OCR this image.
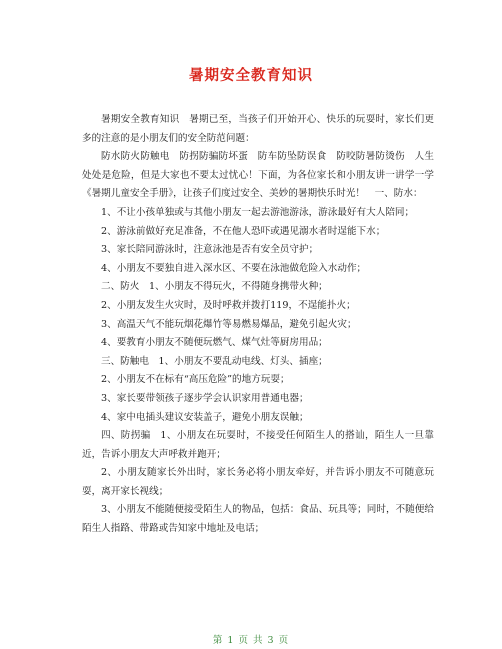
暑期安全教育知识

暑期安全教育知识　暑期已至，当孩子们开始开心、快乐的玩耍时，家长们更多的注意的是小朋友们的安全防范问题：

防水防火防触电　防拐防骗防坏蛋　防车防坠防误食　防咬防暑防烫伤　人生处处是危险，但是大家也不要太过忧心！下面，为各位家长和小朋友讲一讲学一学《暑期儿童安全手册》，让孩子们度过安全、美妙的暑期快乐时光！　一、防水：

1、不让小孩单独或与其他小朋友一起去游池游泳，游泳最好有大人陪同；

2、游泳前做好充足准备，不在他人恐吓或遇见溺水者时逞能下水；

3、家长陪同游泳时，注意泳池是否有安全员守护；

4、小朋友不要独自进入深水区、不要在泳池做危险入水动作；

二、防火　1、小朋友不得玩火，不得随身携带火种；

2、小朋友发生火灾时，及时呼救并拨打119，不逞能扑火；

3、高温天气不能玩烟花爆竹等易燃易爆品，避免引起火灾；

4、要教育小朋友不随便玩燃气、煤气灶等厨房用品；

三、防触电　1、小朋友不要乱动电线、灯头、插座；

2、小朋友不在标有“高压危险”的地方玩耍；

3、家长要带领孩子逐步学会认识家用普通电器；

4、家中电插头建议安装盖子，避免小朋友误触；

四、防拐骗　1、小朋友在玩耍时，不接受任何陌生人的搭讪，陌生人一旦靠近，告诉小朋友大声呼救并跑开；

2、小朋友随家长外出时，家长务必将小朋友牵好，并告诉小朋友不可随意玩耍，离开家长视线；

3、小朋友不能随便接受陌生人的物品，包括：食品、玩具等；同时，不随便给陌生人指路、带路或告知家中地址及电话；

第 1 页 共 3 页
